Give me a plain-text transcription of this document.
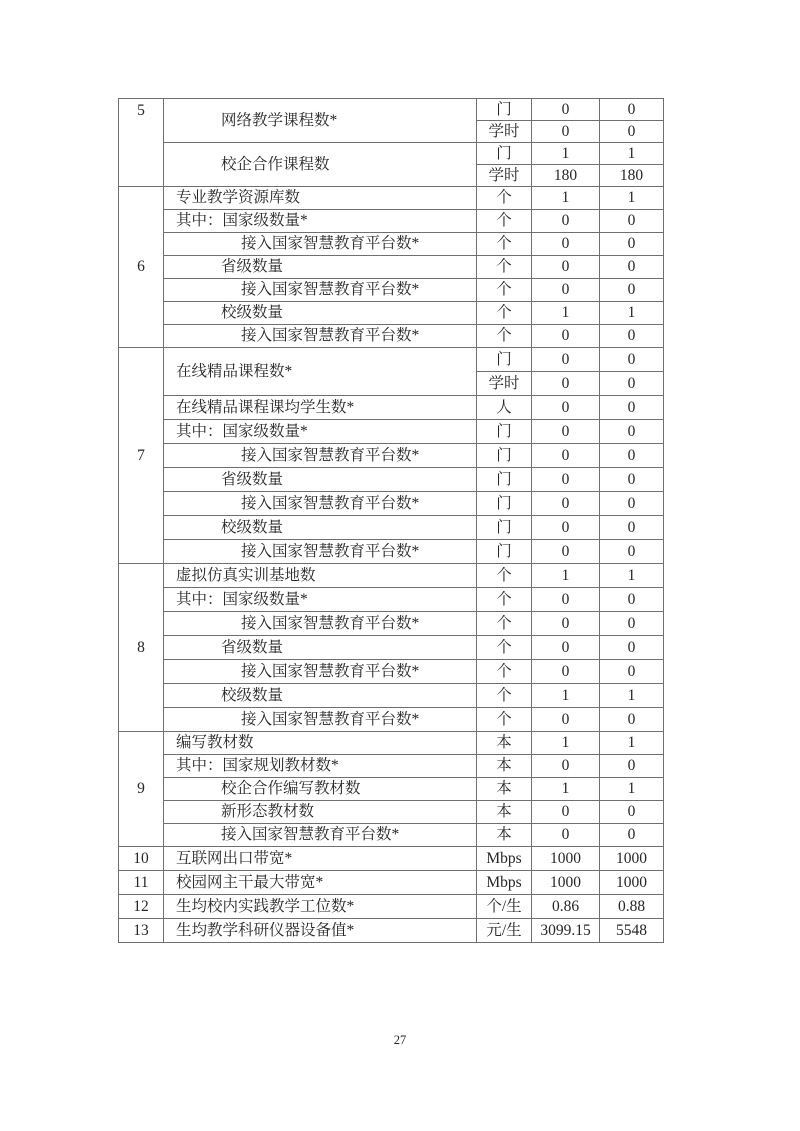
5	网络教学课程数*	门	0	0
		学时	0	0
	校企合作课程数	门	1	1
		学时	180	180
6	专业教学资源库数	个	1	1
	其中：国家级数量*	个	0	0
	接入国家智慧教育平台数*	个	0	0
	省级数量	个	0	0
	接入国家智慧教育平台数*	个	0	0
	校级数量	个	1	1
	接入国家智慧教育平台数*	个	0	0
7	在线精品课程数*	门	0	0
		学时	0	0
	在线精品课程课均学生数*	人	0	0
	其中：国家级数量*	门	0	0
	接入国家智慧教育平台数*	门	0	0
	省级数量	门	0	0
	接入国家智慧教育平台数*	门	0	0
	校级数量	门	0	0
	接入国家智慧教育平台数*	门	0	0
8	虚拟仿真实训基地数	个	1	1
	其中：国家级数量*	个	0	0
	接入国家智慧教育平台数*	个	0	0
	省级数量	个	0	0
	接入国家智慧教育平台数*	个	0	0
	校级数量	个	1	1
	接入国家智慧教育平台数*	个	0	0
9	编写教材数	本	1	1
	其中：国家规划教材数*	本	0	0
	校企合作编写教材数	本	1	1
	新形态教材数	本	0	0
	接入国家智慧教育平台数*	本	0	0
10	互联网出口带宽*	Mbps	1000	1000
11	校园网主干最大带宽*	Mbps	1000	1000
12	生均校内实践教学工位数*	个/生	0.86	0.88
13	生均教学科研仪器设备值*	元/生	3099.15	5548
27
